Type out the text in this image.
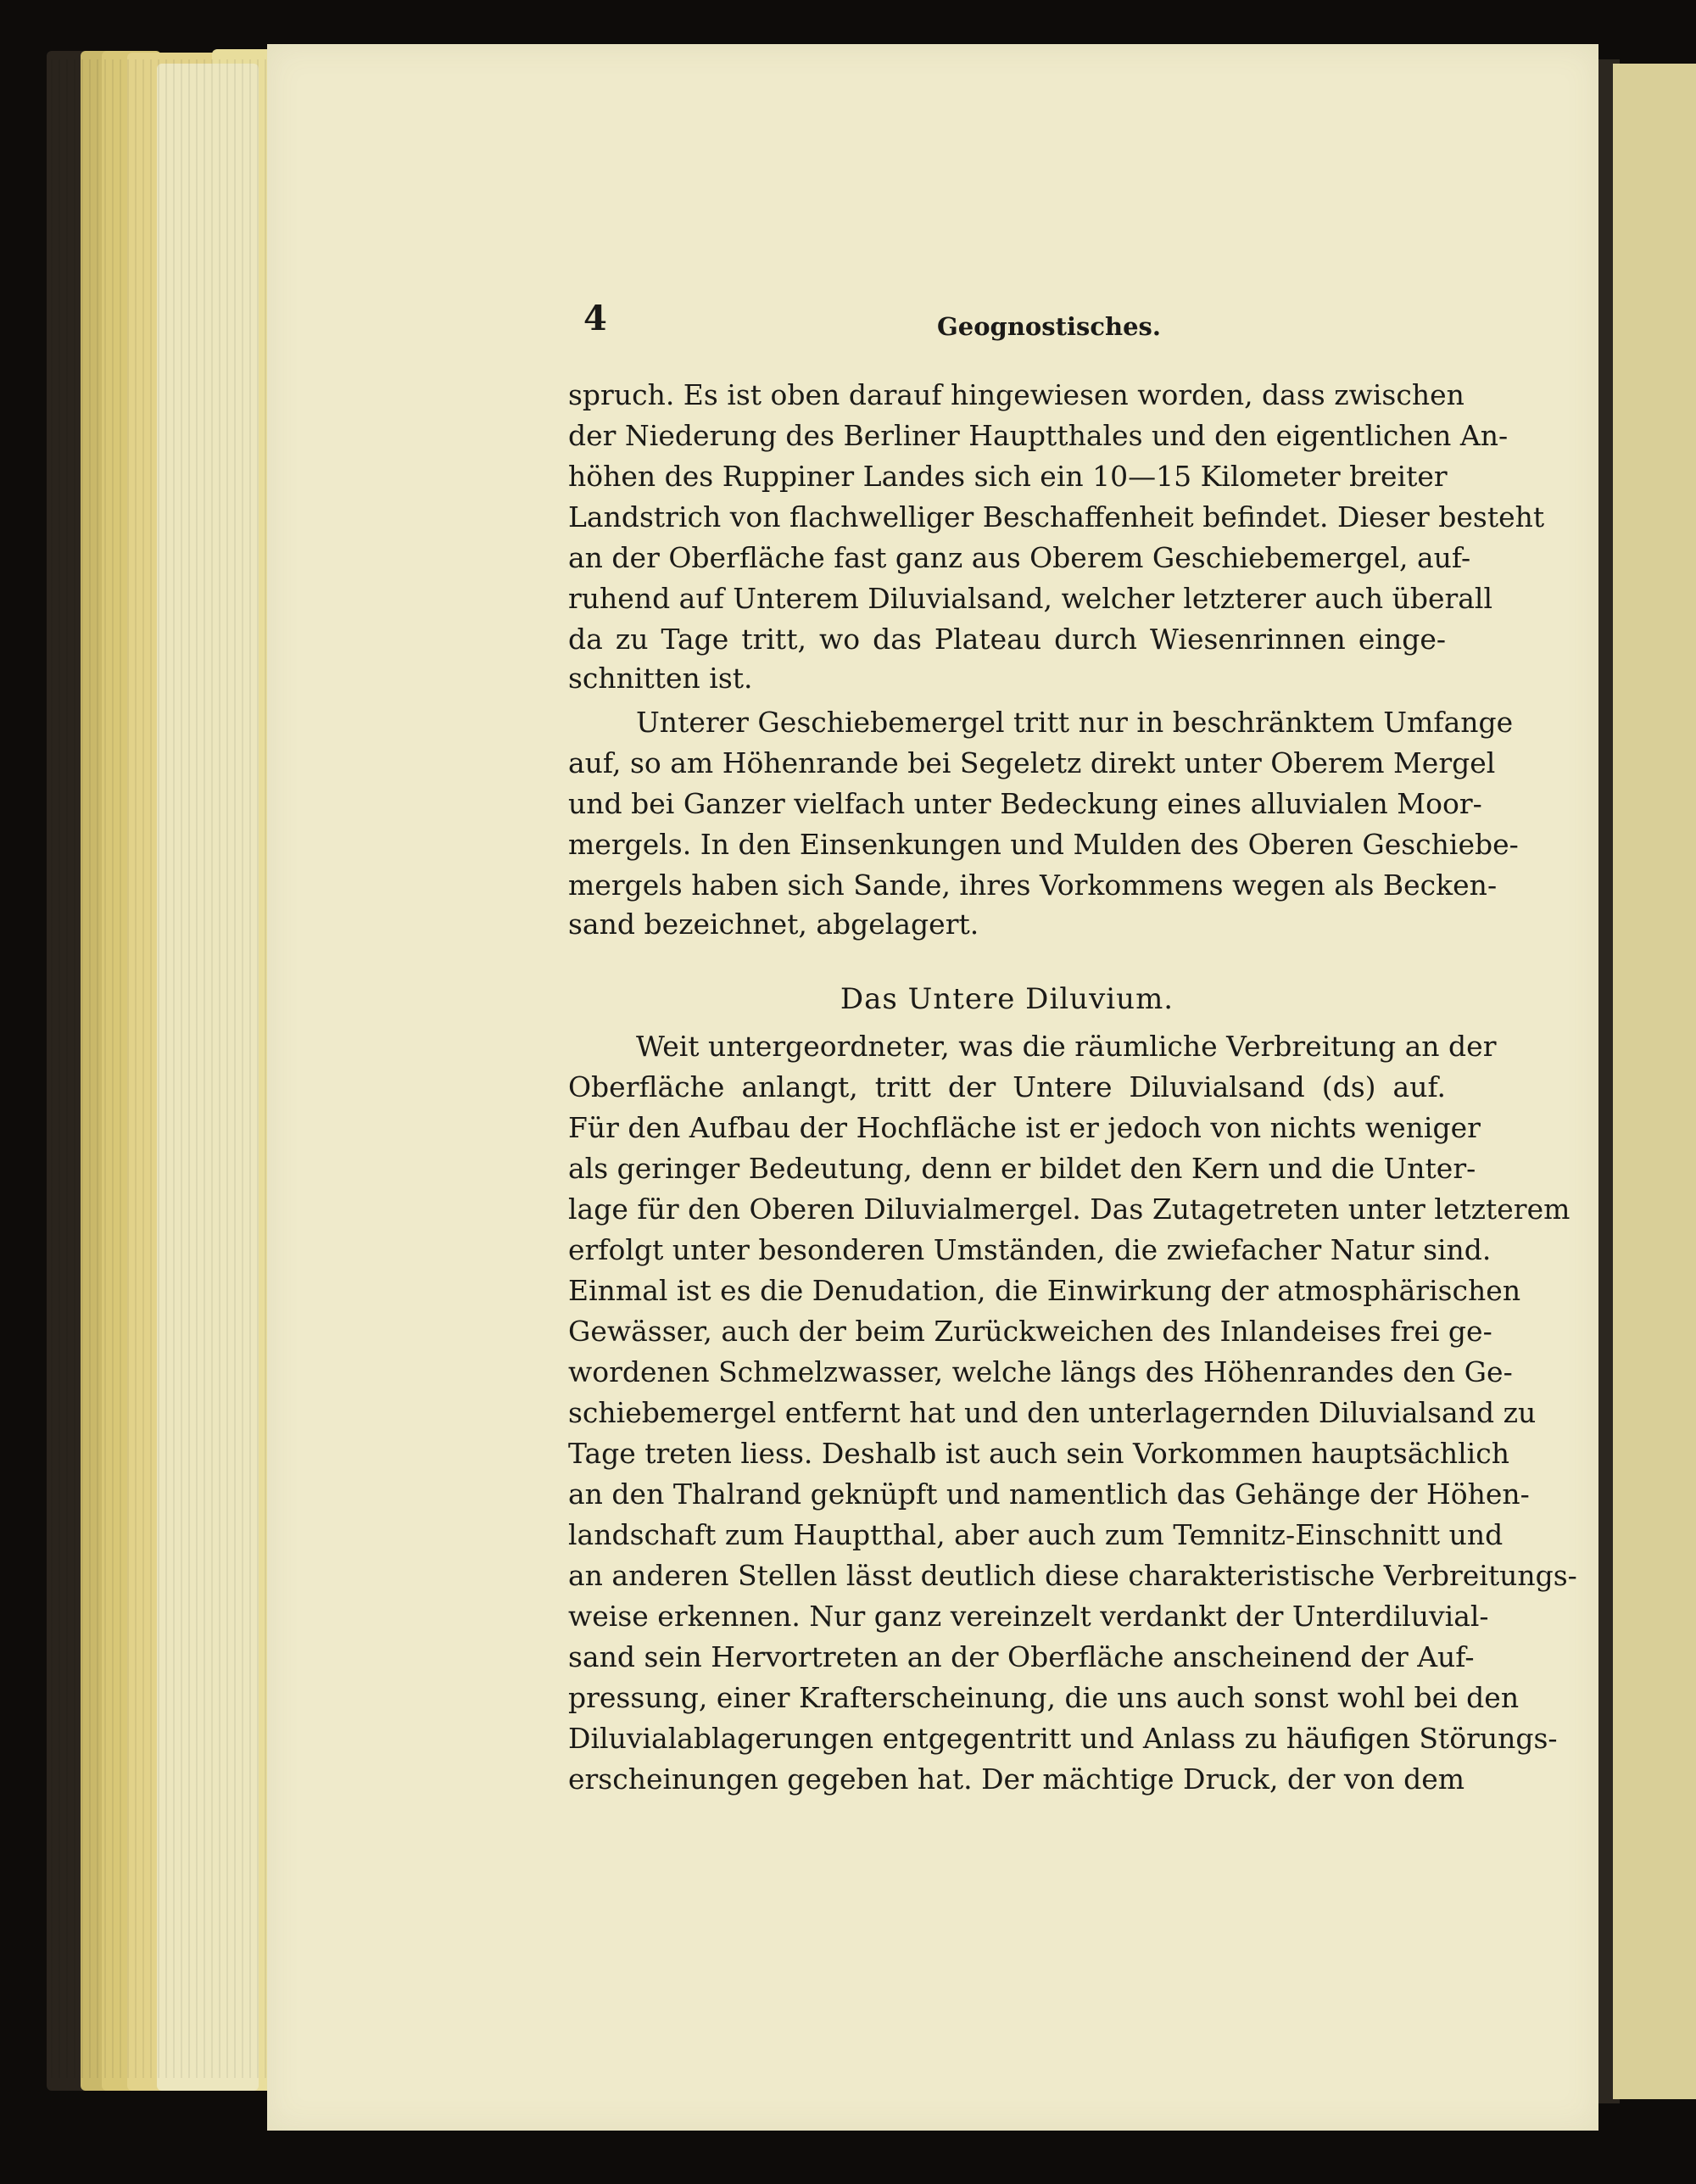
4	Geognostisches.
spruch. Es ist oben darauf hingewiesen worden, dass zwischen
der Niederung des Berliner Hauptthales und den eigentlichen An-
höhen des Ruppiner Landes sich ein 10—15 Kilometer breiter
Landstrich von flachwelliger Beschaffenheit befindet. Dieser besteht
an der Oberfläche fast ganz aus Oberem Geschiebemergel, auf-
ruhend auf Unterem Diluvialsand, welcher letzterer auch überall
da zu Tage tritt, wo das Plateau durch Wiesenrinnen einge-
schnitten ist.
Unterer Geschiebemergel tritt nur in beschränktem Umfange
auf, so am Höhenrande bei Segeletz direkt unter Oberem Mergel
und bei Ganzer vielfach unter Bedeckung eines alluvialen Moor-
mergels. In den Einsenkungen und Mulden des Oberen Geschiebe-
mergels haben sich Sande, ihres Vorkommens wegen als Becken-
sand bezeichnet, abgelagert.
Das Untere Diluvium.
Weit untergeordneter, was die räumliche Verbreitung an der
Oberfläche anlangt, tritt der Untere Diluvialsand (ds) auf.
Für den Aufbau der Hochfläche ist er jedoch von nichts weniger
als geringer Bedeutung, denn er bildet den Kern und die Unter-
lage für den Oberen Diluvialmergel. Das Zutagetreten unter letzterem
erfolgt unter besonderen Umständen, die zwiefacher Natur sind.
Einmal ist es die Denudation, die Einwirkung der atmosphärischen
Gewässer, auch der beim Zurückweichen des Inlandeises frei ge-
wordenen Schmelzwasser, welche längs des Höhenrandes den Ge-
schiebemergel entfernt hat und den unterlagernden Diluvialsand zu
Tage treten liess. Deshalb ist auch sein Vorkommen hauptsächlich
an den Thalrand geknüpft und namentlich das Gehänge der Höhen-
landschaft zum Hauptthal, aber auch zum Temnitz-Einschnitt und
an anderen Stellen lässt deutlich diese charakteristische Verbreitungs-
weise erkennen. Nur ganz vereinzelt verdankt der Unterdiluvial-
sand sein Hervortreten an der Oberfläche anscheinend der Auf-
pressung, einer Krafterscheinung, die uns auch sonst wohl bei den
Diluvialablagerungen entgegentritt und Anlass zu häufigen Störungs-
erscheinungen gegeben hat. Der mächtige Druck, der von dem
